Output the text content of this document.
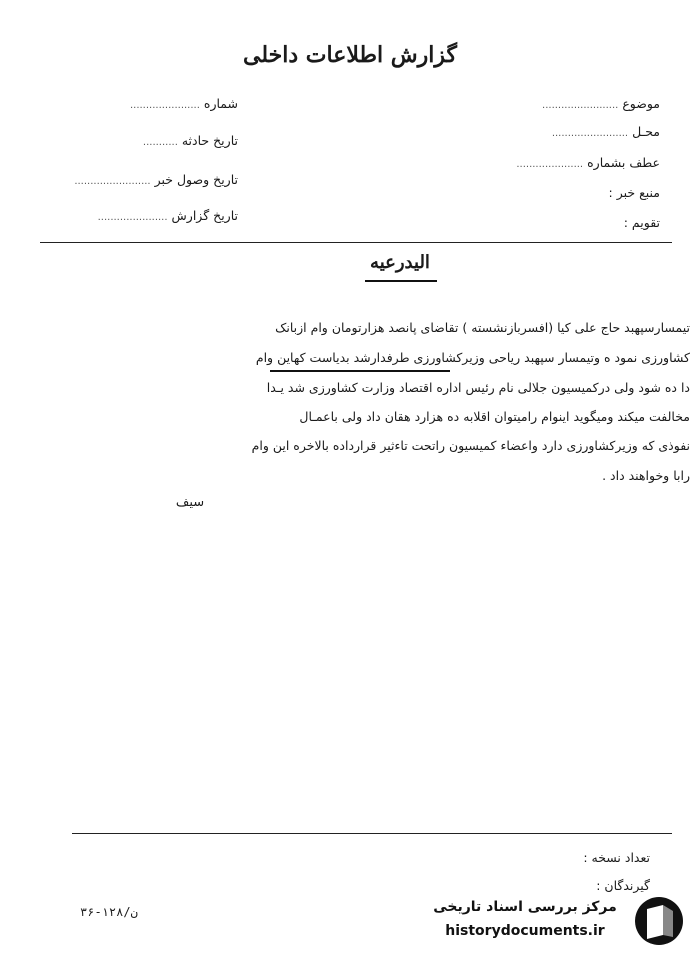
گزارش اطلاعات داخلی
موضوع ........................
محـل ........................
عطف بشماره .....................
منبع خبر :
تقویم :
شماره ......................
تاریخ حادثه ...........
تاریخ وصول خبر ........................
تاریخ گزارش ......................
الیدرعیه
تیمسارسپهبد حاج علی کیا (افسربازنشسته ) تقاضای پانصد هزارتومان وام ازبانک
کشاورزی نمود ه وتیمسار سپهبد ریاحی وزیرکشاورزی طرفدارشد بدیاست کهاین وام
دا ده شود ولی درکمیسیون جلالی نام رئیس اداره اقتصاد وزارت کشاورزی شد یـدا
مخالفت میکند ومیگوید اینوام رامیتوان اقلابه ده هزارد هقان داد ولی باعمـال
نفوذی که وزیرکشاورزی دارد واعضاء کمیسیون راتحت تاءثیر قرارداده بالاخره این وام
رابا وخواهند داد .
سیف
تعداد نسخه :
گیرندگان :
۳۶-۱۲۸/ن	مرکز بررسی اسناد تاریخی
historydocuments.ir
